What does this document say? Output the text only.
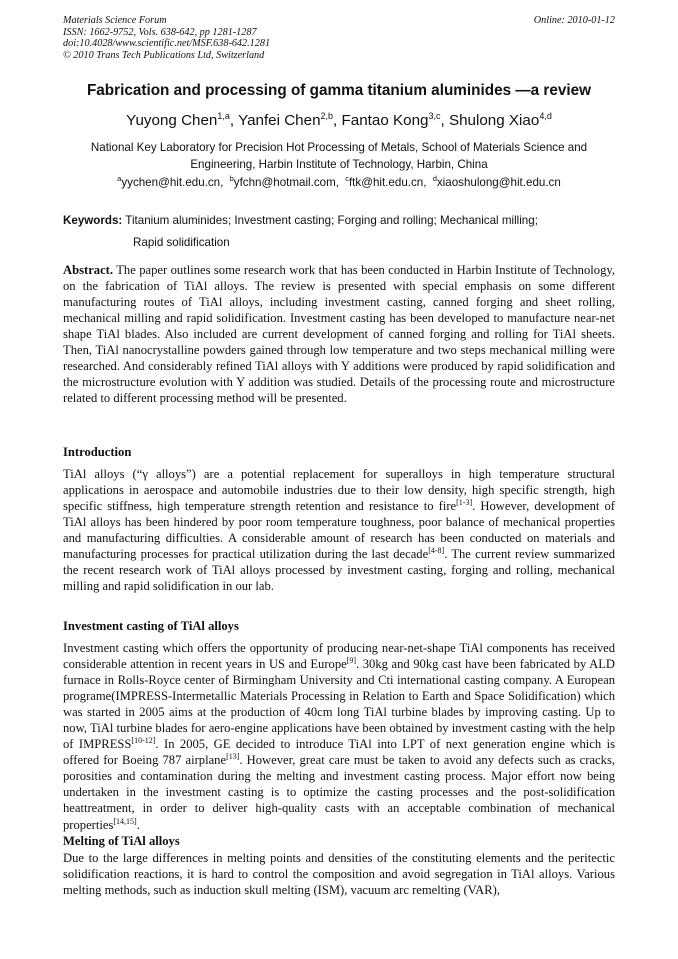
Materials Science Forum
ISSN: 1662-9752, Vols. 638-642, pp 1281-1287
doi:10.4028/www.scientific.net/MSF.638-642.1281
© 2010 Trans Tech Publications Ltd, Switzerland
Online: 2010-01-12
Fabrication and processing of gamma titanium aluminides —a review
Yuyong Chen$^{1,a}$, Yanfei Chen$^{2,b}$, Fantao Kong$^{3,c}$, Shulong Xiao$^{4,d}$
National Key Laboratory for Precision Hot Processing of Metals, School of Materials Science and Engineering, Harbin Institute of Technology, Harbin, China
$^a$yychen@hit.edu.cn, $^b$yfchn@hotmail.com, $^c$ftk@hit.edu.cn, $^d$xiaoshulong@hit.edu.cn
Keywords: Titanium aluminides; Investment casting; Forging and rolling; Mechanical milling;
Rapid solidification
Abstract. The paper outlines some research work that has been conducted in Harbin Institute of Technology, on the fabrication of TiAl alloys. The review is presented with special emphasis on some different manufacturing routes of TiAl alloys, including investment casting, canned forging and sheet rolling, mechanical milling and rapid solidification. Investment casting has been developed to manufacture near-net shape TiAl blades. Also included are current development of canned forging and rolling for TiAl sheets. Then, TiAl nanocrystalline powders gained through low temperature and two steps mechanical milling were researched. And considerably refined TiAl alloys with Y additions were produced by rapid solidification and the microstructure evolution with Y addition was studied. Details of the processing route and microstructure related to different processing method will be presented.
Introduction
TiAl alloys (“γ alloys”) are a potential replacement for superalloys in high temperature structural applications in aerospace and automobile industries due to their low density, high specific strength, high specific stiffness, high temperature strength retention and resistance to fire[1-3]. However, development of TiAl alloys has been hindered by poor room temperature toughness, poor balance of mechanical properties and manufacturing difficulties. A considerable amount of research has been conducted on materials and manufacturing processes for practical utilization during the last decade[4-8]. The current review summarized the recent research work of TiAl alloys processed by investment casting, forging and rolling, mechanical milling and rapid solidification in our lab.
Investment casting of TiAl alloys
Investment casting which offers the opportunity of producing near-net-shape TiAl components has received considerable attention in recent years in US and Europe[9]. 30kg and 90kg cast have been fabricated by ALD furnace in Rolls-Royce center of Birmingham University and Cti international casting company. A European programe(IMPRESS-Intermetallic Materials Processing in Relation to Earth and Space Solidification) which was started in 2005 aims at the production of 40cm long TiAl turbine blades by improving casting. Up to now, TiAl turbine blades for aero-engine applications have been obtained by investment casting with the help of IMPRESS[10-12]. In 2005, GE decided to introduce TiAl into LPT of next generation engine which is offered for Boeing 787 airplane[13]. However, great care must be taken to avoid any defects such as cracks, porosities and contamination during the melting and investment casting process. Major effort now being undertaken in the investment casting is to optimize the casting processes and the post-solidification heattreatment, in order to deliver high-quality casts with an acceptable combination of mechanical properties[14,15].
Melting of TiAl alloys
Due to the large differences in melting points and densities of the constituting elements and the peritectic solidification reactions, it is hard to control the composition and avoid segregation in TiAl alloys. Various melting methods, such as induction skull melting (ISM), vacuum arc remelting (VAR),
